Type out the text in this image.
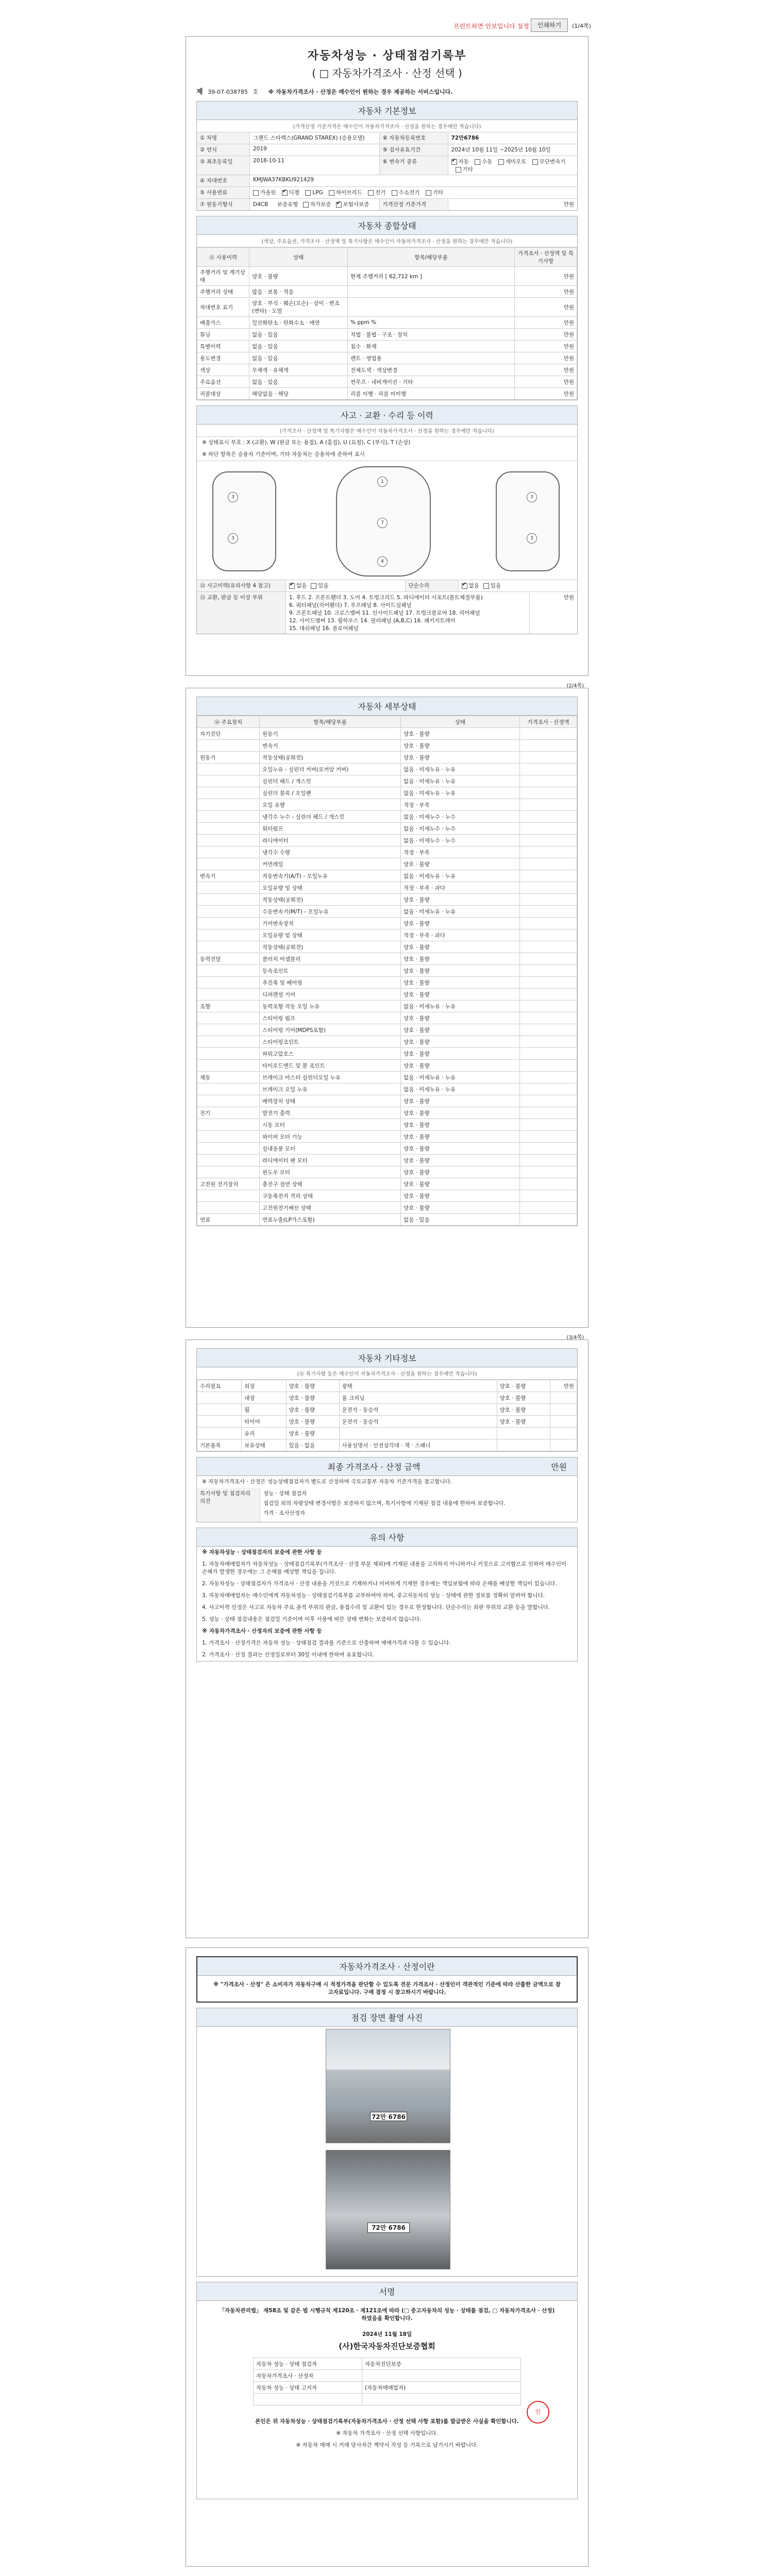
프린트하면 안보입니다 설정	인쇄하기	(1/4쪽)
자동차성능 · 상태점검기록부
( □ 자동차가격조사 · 산정 선택 )
제 39-07-038785 호 ※ 자동차가격조사 · 산정은 매수인이 원하는 경우 제공하는 서비스입니다.
자동차 기본정보
(가격산정 기준가격은 매수인이 자동차가격조사 · 산정을 원하는 경우에만 적습니다)
① 차명	그랜드 스타렉스(GRAND STAREX) (승용모델)	⑧ 자동차등록번호	72만6786
② 연식	2019	⑨ 검사유효기간	2024년 10월 11일 ~2025년 10월 10일
③ 최초등록일	2018-10-11	⑥ 변속기 종류 ✔	자동 수동 세미오토 무단변속기 기타
④ 차대번호	KMJWA37KBKU921429
⑤ 사용연료	가솔린 ✔ 디젤 LPG 하이브리드 전기 수소전기 기타
⑦ 원동기형식	D4CB 보증유형 자가보증 ✔ 보험사보증	가격산정 기준가격	만원
자동차 종합상태
(색상, 주요옵션, 가격조사 · 산정액 및 특기사항은 매수인이 자동차가격조사 · 산정을 원하는 경우에만 적습니다)
⑪ 사용이력	상태	항목/해당부품	가격조사 · 산정액 및 특기사항
주행거리 및 계기상태	양호 · 불량	현재 주행거리 [ 62,712 km ]	만원
주행거리 상태	많음 · 보통 · 적음		만원
차대번호 표기	양호 · 부식 · 훼손(오손) · 상이 · 변조(변타) · 도말		만원
배출가스	일산화탄소 · 탄화수소 · 매연	% ppm %	만원
튜닝	없음 · 있음	적법 · 불법 · 구조 · 장치	만원
특별이력	없음 · 있음	침수 · 화재	만원
용도변경	없음 · 있음	렌트 · 영업용	만원
색상	무채색 · 유채색	전체도색 · 색상변경	만원
주요옵션	없음 · 있음	썬루프 · 네비게이션 · 기타	만원
리콜대상	해당없음 · 해당	리콜 이행 · 리콜 미이행	만원
사고 · 교환 · 수리 등 이력
(가격조사 · 산정액 및 특기사항은 매수인이 자동차가격조사 · 산정을 원하는 경우에만 적습니다)
※ 상태표시 부호 : X (교환), W (판금 또는 용접), A (흠집), U (요철), C (부식), T (손상)
※ 하단 항목은 승용차 기준이며, 기타 자동차는 승용차에 준하여 표시
3
3
1
7
4
3
3
⑫ 사고이력(유의사항 4 참고) ✔	없음 있음	단순수리 ✔	없음 있음
⑬ 교환, 판금 등 이상 부위	1. 후드 2. 프론트휀더 3. 도어 4. 트렁크리드 5. 라디에이터 서포트(볼트체결부품)
6. 쿼터패널(리어휀더) 7. 루프패널 8. 사이드실패널
9. 프론트패널 10. 크로스멤버 11. 인사이드패널 17. 트렁크플로어 18. 리어패널
12. 사이드멤버 13. 휠하우스 14. 필러패널 (A,B,C) 16. 패키지트레이
15. 대쉬패널 16. 플로어패널
만원
(2/4쪽)
자동차 세부상태
⑭ 주요장치	항목/해당부품	상태	가격조사 · 산정액
자기진단	원동기	양호 · 불량	
	변속기	양호 · 불량	
원동기	작동상태(공회전)	양호 · 불량	
	오일누유 - 실린더 커버(로커암 커버)	없음 · 미세누유 · 누유	
	실린더 헤드 / 개스킷	없음 · 미세누유 · 누유	
	실린더 블록 / 오일팬	없음 · 미세누유 · 누유	
	오일 유량	적정 · 부족	
	냉각수 누수 - 실린더 헤드 / 개스킷	없음 · 미세누수 · 누수	
	워터펌프	없음 · 미세누수 · 누수	
	라디에이터	없음 · 미세누수 · 누수	
	냉각수 수량	적정 · 부족	
	커먼레일	양호 · 불량	
변속기	자동변속기(A/T) - 오일누유	없음 · 미세누유 · 누유	
	오일유량 및 상태	적정 · 부족 · 과다	
	작동상태(공회전)	양호 · 불량	
	수동변속기(M/T) - 오일누유	없음 · 미세누유 · 누유	
	기어변속장치	양호 · 불량	
	오일유량 및 상태	적정 · 부족 · 과다	
	작동상태(공회전)	양호 · 불량	
동력전달	클러치 어셈블리	양호 · 불량	
	등속조인트	양호 · 불량	
	추진축 및 베어링	양호 · 불량	
	디퍼렌셜 기어	양호 · 불량	
조향	동력조향 작동 오일 누유	없음 · 미세누유 · 누유	
	스티어링 펌프	양호 · 불량	
	스티어링 기어(MDPS포함)	양호 · 불량	
	스티어링조인트	양호 · 불량	
	파워고압호스	양호 · 불량	
	타이로드엔드 및 볼 조인트	양호 · 불량	
제동	브레이크 마스터 실린더오일 누유	없음 · 미세누유 · 누유	
	브레이크 오일 누유	없음 · 미세누유 · 누유	
	배력장치 상태	양호 · 불량	
전기	발전기 출력	양호 · 불량	
	시동 모터	양호 · 불량	
	와이퍼 모터 기능	양호 · 불량	
	실내송풍 모터	양호 · 불량	
	라디에이터 팬 모터	양호 · 불량	
	윈도우 모터	양호 · 불량	
고전원 전기장치	충전구 절연 상태	양호 · 불량	
	구동축전지 격리 상태	양호 · 불량	
	고전원전기배선 상태	양호 · 불량	
연료	연료누출(LP가스포함)	없음 · 있음	
(3/4쪽)
자동차 기타정보
(⑯ 특기사항 등은 매수인이 자동차가격조사 · 산정을 원하는 경우에만 적습니다)
수리필요	외장	양호 · 불량	광택	양호 · 불량	만원
	내장	양호 · 불량	룸 크리닝	양호 · 불량	
	휠	양호 · 불량	운전석 · 동승석	양호 · 불량	
	타이어	양호 · 불량	운전석 · 동승석	양호 · 불량	
	유리	양호 · 불량			
기본품목	보유상태	있음 · 없음	사용설명서 · 안전삼각대 · 잭 · 스패너		
최종 가격조사 · 산정 금액	만원
※ 자동차가격조사 · 산정은 성능상태점검자가 별도로 산정하며 국토교통부 자동차 기준가격을 참고합니다.
특기사항 및 점검자의 의견
성능 · 상태 점검자
점검일 외의 차량상태 변경사항은 보증하지 않으며, 특기사항에 기재된 점검 내용에 한하여 보증합니다.
가격 · 조사산정자
유의 사항
※ 자동차성능 · 상태점검자의 보증에 관한 사항 등
1. 자동차매매업자가 자동차성능 · 상태점검기록부(가격조사 · 산정 부분 제외)에 기재된 내용을 고지하지 아니하거나 거짓으로 고지함으로 인하여 매수인이 손해가 발생한 경우에는 그 손해를 배상할 책임을 집니다.
2. 자동차성능 · 상태점검자가 가격조사 · 산정 내용을 거짓으로 기재하거나 미비하게 기재한 경우에는 책임보험에 따라 손해를 배상할 책임이 있습니다.
3. 자동차매매업자는 매수인에게 자동차성능 · 상태점검기록부를 교부하여야 하며, 중고자동차의 성능 · 상태에 관한 정보를 정확히 알려야 합니다.
4. 사고이력 인정은 사고로 자동차 주요 골격 부위의 판금, 용접수리 및 교환이 있는 경우로 한정합니다. 단순수리는 외판 부위의 교환 등을 말합니다.
5. 성능 · 상태 점검내용은 점검일 기준이며 이후 사용에 따른 상태 변화는 보증하지 않습니다.
※ 자동차가격조사 · 산정자의 보증에 관한 사항 등
1. 가격조사 · 산정가격은 자동차 성능 · 상태점검 결과를 기준으로 산출하며 매매가격과 다를 수 있습니다.
2. 가격조사 · 산정 결과는 산정일로부터 30일 이내에 한하여 유효합니다.
자동차가격조사 · 산정이란
※ "가격조사 · 산정" 은 소비자가 자동차구매 시 적정가격을 판단할 수 있도록 전문 가격조사 · 산정인이 객관적인 기준에 따라 산출한 금액으로 참고자료입니다. 구매 결정 시 참고하시기 바랍니다.
점검 장면 촬영 사진
72만 6786
72만 6786
서명
「자동차관리법」 제58조 및 같은 법 시행규칙 제120조 · 제121조에 따라 (□ 중고자동차의 성능 · 상태를 점검, □ 자동차가격조사 · 산정)하였음을 확인합니다.
2024년 11월 18일
(사)한국자동차진단보증협회
자동차 성능 · 상태 점검자	자동차진단보증
자동차가격조사 · 산정자	
자동차 성능 · 상태 고지자	(자동차매매업자)

인
본인은 위 자동차성능 · 상태점검기록부(자동차가격조사 · 산정 선택 사항 포함)를 발급받은 사실을 확인합니다.
※ 자동차 가격조사 · 산정 선택 사항입니다.
※ 자동차 매매 시 거래 당사자간 계약서 작성 등 기록으로 남기시기 바랍니다.
